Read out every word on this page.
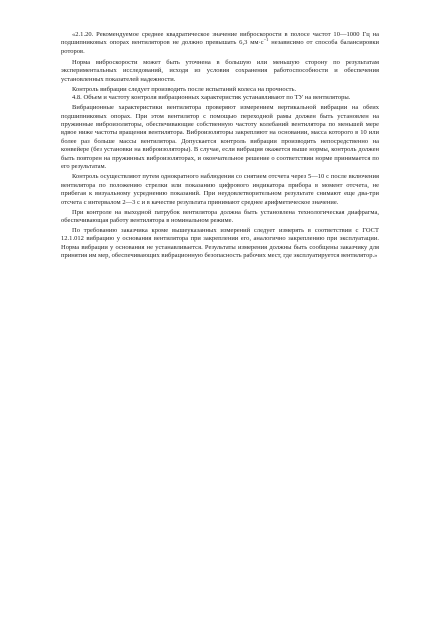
«2.1.20. Рекомендуемое среднее квадратическое значение виброскорости в полосе частот 10—1000 Гц на подшипниковых опорах вентиляторов не должно превышать 6,3 $мм\cdot с^{-1}$ независимо от способа балансировки роторов.

Норма виброскорости может быть уточнена в большую или меньшую сторону по результатам экспериментальных исследований, исходя из условия сохранения работоспособности и обеспечения установленных показателей надежности.

Контроль вибрации следует производить после испытаний колеса на прочность.

4.8. Объем и частоту контроля вибрационных характеристик устанавливают по ТУ на вентиляторы.

Вибрационные характеристики вентилятора проверяют измерением вертикальной вибрации на обеих подшипниковых опорах. При этом вентилятор с помощью переходной рамы должен быть установлен на пружинные виброизоляторы, обеспечивающие собственную частоту колебаний вентилятора по меньшей мере вдвое ниже частоты вращения вентилятора. Виброизоляторы закрепляют на основании, масса которого в 10 или более раз больше массы вентилятора. Допускается контроль вибрации производить непосредственно на конвейере (без установки на виброизоляторы). В случае, если вибрация окажется выше нормы, контроль должен быть повторен на пружинных виброизоляторах, и окончательное решение о соответствии норме принимается по его результатам.

Контроль осуществляют путем однократного наблюдения со снятием отсчета через 5—10 с после включения вентилятора по положению стрелки или показанию цифрового индикатора прибора в момент отсчета, не прибегая к визуальному усреднению показаний. При неудовлетворительном результате снимают еще два-три отсчета с интервалом 2—3 с и в качестве результата принимают среднее арифметическое значение.

При контроле на выходной патрубок вентилятора должна быть установлена технологическая диафрагма, обеспечивающая работу вентилятора в номинальном режиме.

По требованию заказчика кроме вышеуказанных измерений следует измерять в соответствии с ГОСТ 12.1.012 вибрацию у основания вентилятора при закреплении его, аналогично закреплению при эксплуатации. Норма вибрации у основания не устанавливается. Результаты измерения должны быть сообщены заказчику для принятия им мер, обеспечивающих вибрационную безопасность рабочих мест, где эксплуатируется вентилятор.»
